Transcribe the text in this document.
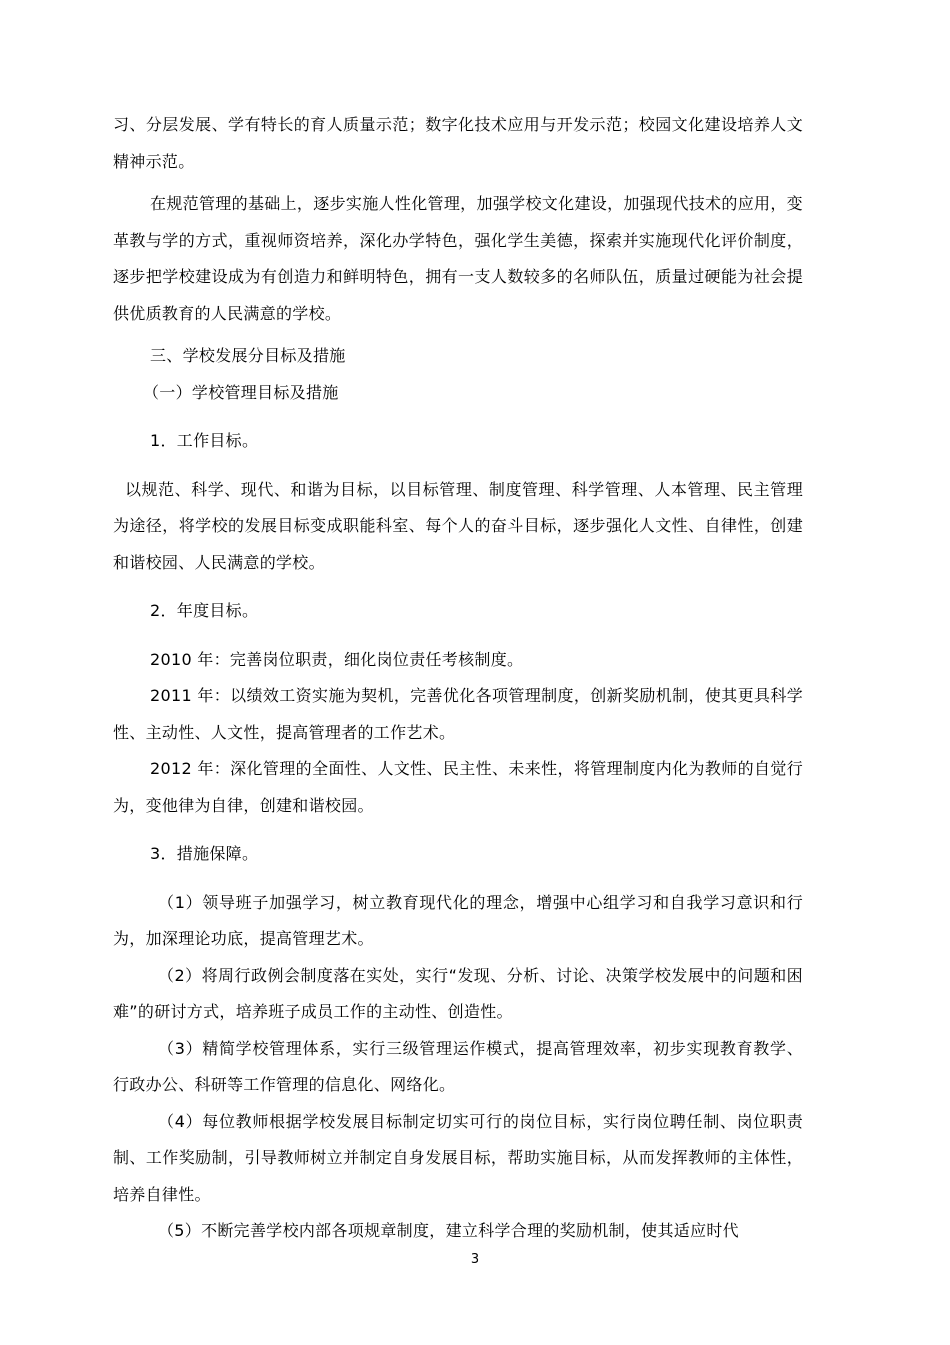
习、分层发展、学有特长的育人质量示范；数字化技术应用与开发示范；校园文化建设培养人文精神示范。

在规范管理的基础上，逐步实施人性化管理，加强学校文化建设，加强现代技术的应用，变革教与学的方式，重视师资培养，深化办学特色，强化学生美德，探索并实施现代化评价制度，逐步把学校建设成为有创造力和鲜明特色，拥有一支人数较多的名师队伍，质量过硬能为社会提供优质教育的人民满意的学校。

三、学校发展分目标及措施

（一）学校管理目标及措施

1．工作目标。

以规范、科学、现代、和谐为目标，以目标管理、制度管理、科学管理、人本管理、民主管理为途径，将学校的发展目标变成职能科室、每个人的奋斗目标，逐步强化人文性、自律性，创建和谐校园、人民满意的学校。

2．年度目标。

2010 年：完善岗位职责，细化岗位责任考核制度。

2011 年：以绩效工资实施为契机，完善优化各项管理制度，创新奖励机制，使其更具科学性、主动性、人文性，提高管理者的工作艺术。

2012 年：深化管理的全面性、人文性、民主性、未来性，将管理制度内化为教师的自觉行为，变他律为自律，创建和谐校园。

3．措施保障。

（1）领导班子加强学习，树立教育现代化的理念，增强中心组学习和自我学习意识和行为，加深理论功底，提高管理艺术。

（2）将周行政例会制度落在实处，实行“发现、分析、讨论、决策学校发展中的问题和困难”的研讨方式，培养班子成员工作的主动性、创造性。

（3）精简学校管理体系，实行三级管理运作模式，提高管理效率，初步实现教育教学、行政办公、科研等工作管理的信息化、网络化。

（4）每位教师根据学校发展目标制定切实可行的岗位目标，实行岗位聘任制、岗位职责制、工作奖励制，引导教师树立并制定自身发展目标，帮助实施目标，从而发挥教师的主体性，培养自律性。

（5）不断完善学校内部各项规章制度，建立科学合理的奖励机制，使其适应时代

3
